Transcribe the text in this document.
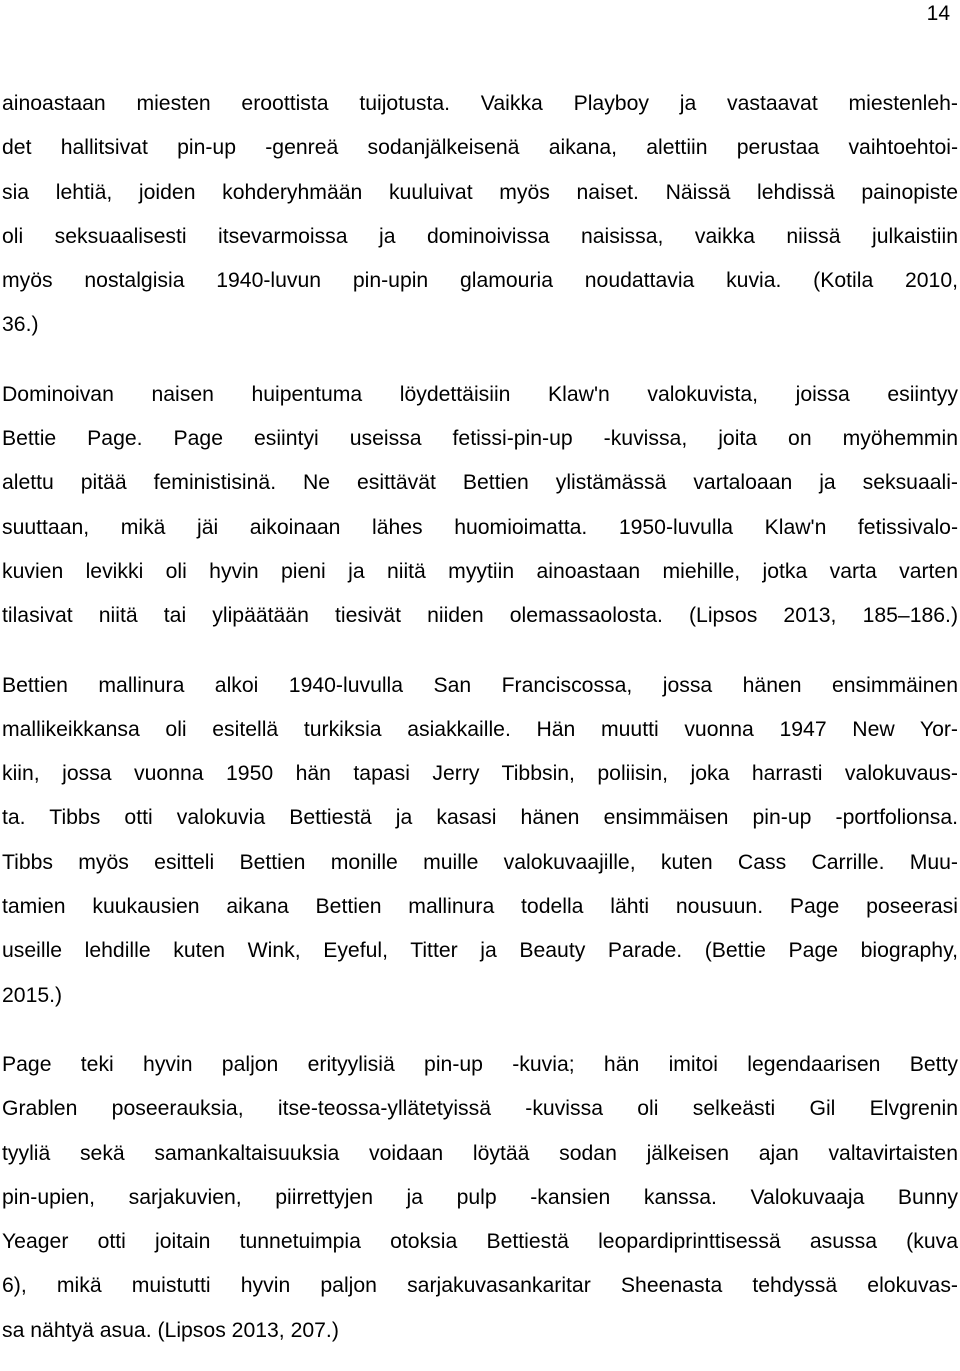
14
ainoastaan miesten eroottista tuijotusta. Vaikka Playboy ja vastaavat miestenleh-
det hallitsivat pin-up -genreä sodanjälkeisenä aikana, alettiin perustaa vaihtoehtoi-
sia lehtiä, joiden kohderyhmään kuuluivat myös naiset. Näissä lehdissä painopiste
oli seksuaalisesti itsevarmoissa ja dominoivissa naisissa, vaikka niissä julkaistiin
myös nostalgisia 1940-luvun pin-upin glamouria noudattavia kuvia. (Kotila 2010,
36.)
Dominoivan naisen huipentuma löydettäisiin Klaw'n valokuvista, joissa esiintyy
Bettie Page. Page esiintyi useissa fetissi-pin-up -kuvissa, joita on myöhemmin
alettu pitää feministisinä. Ne esittävät Bettien ylistämässä vartaloaan ja seksuaali-
suuttaan, mikä jäi aikoinaan lähes huomioimatta. 1950-luvulla Klaw'n fetissivalo-
kuvien levikki oli hyvin pieni ja niitä myytiin ainoastaan miehille, jotka varta varten
tilasivat niitä tai ylipäätään tiesivät niiden olemassaolosta. (Lipsos 2013, 185–186.)
Bettien mallinura alkoi 1940-luvulla San Franciscossa, jossa hänen ensimmäinen
mallikeikkansa oli esitellä turkiksia asiakkaille. Hän muutti vuonna 1947 New Yor-
kiin, jossa vuonna 1950 hän tapasi Jerry Tibbsin, poliisin, joka harrasti valokuvaus-
ta. Tibbs otti valokuvia Bettiestä ja kasasi hänen ensimmäisen pin-up -portfolionsa.
Tibbs myös esitteli Bettien monille muille valokuvaajille, kuten Cass Carrille. Muu-
tamien kuukausien aikana Bettien mallinura todella lähti nousuun. Page poseerasi
useille lehdille kuten Wink, Eyeful, Titter ja Beauty Parade. (Bettie Page biography,
2015.)
Page teki hyvin paljon erityylisiä pin-up -kuvia; hän imitoi legendaarisen Betty
Grablen poseerauksia, itse-teossa-yllätetyissä -kuvissa oli selkeästi Gil Elvgrenin
tyyliä sekä samankaltaisuuksia voidaan löytää sodan jälkeisen ajan valtavirtaisten
pin-upien, sarjakuvien, piirrettyjen ja pulp -kansien kanssa. Valokuvaaja Bunny
Yeager otti joitain tunnetuimpia otoksia Bettiestä leopardiprinttisessä asussa (kuva
6), mikä muistutti hyvin paljon sarjakuvasankaritar Sheenasta tehdyssä elokuvas-
sa nähtyä asua. (Lipsos 2013, 207.)
